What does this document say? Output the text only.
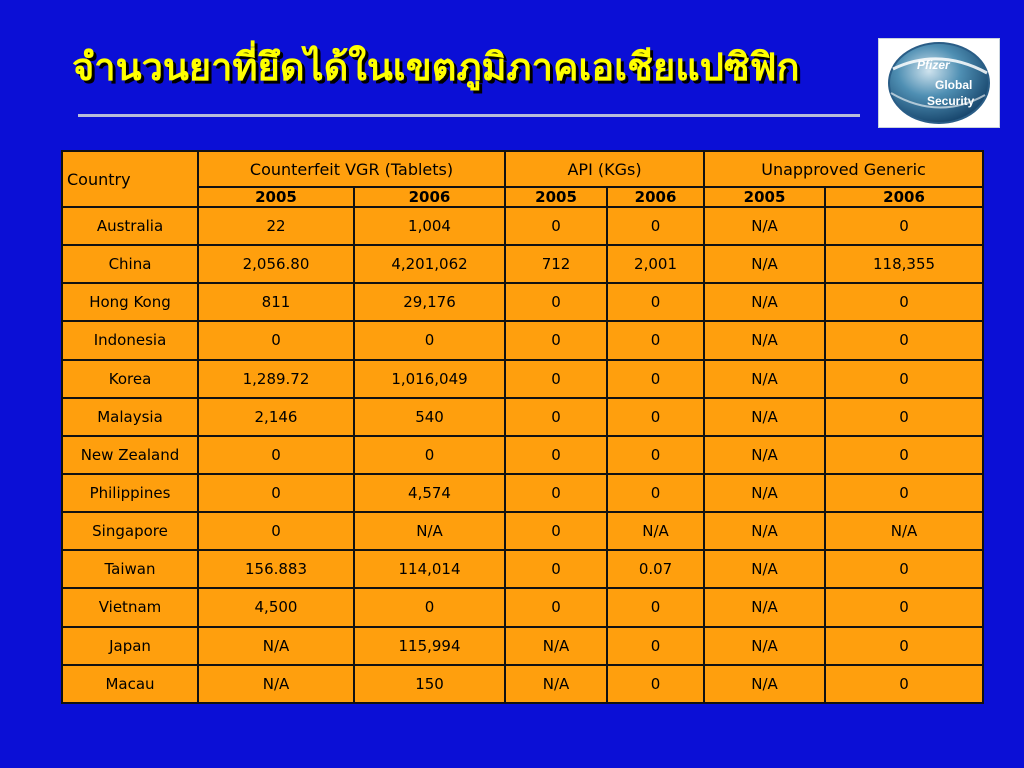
จำนวนยาที่ยึดได้ในเขตภูมิภาคเอเชียแปซิฟิก	Pfizer
Global
Security
Country	Counterfeit VGR (Tablets)		API (KGs)		Unapproved Generic	
	2005	2006	2005	2006	2005	2006
Australia	22	1,004	0	0	N/A	0
China	2,056.80	4,201,062	712	2,001	N/A	118,355
Hong Kong	811	29,176	0	0	N/A	0
Indonesia	0	0	0	0	N/A	0
Korea	1,289.72	1,016,049	0	0	N/A	0
Malaysia	2,146	540	0	0	N/A	0
New Zealand	0	0	0	0	N/A	0
Philippines	0	4,574	0	0	N/A	0
Singapore	0	N/A	0	N/A	N/A	N/A
Taiwan	156.883	114,014	0	0.07	N/A	0
Vietnam	4,500	0	0	0	N/A	0
Japan	N/A	115,994	N/A	0	N/A	0
Macau	N/A	150	N/A	0	N/A	0
